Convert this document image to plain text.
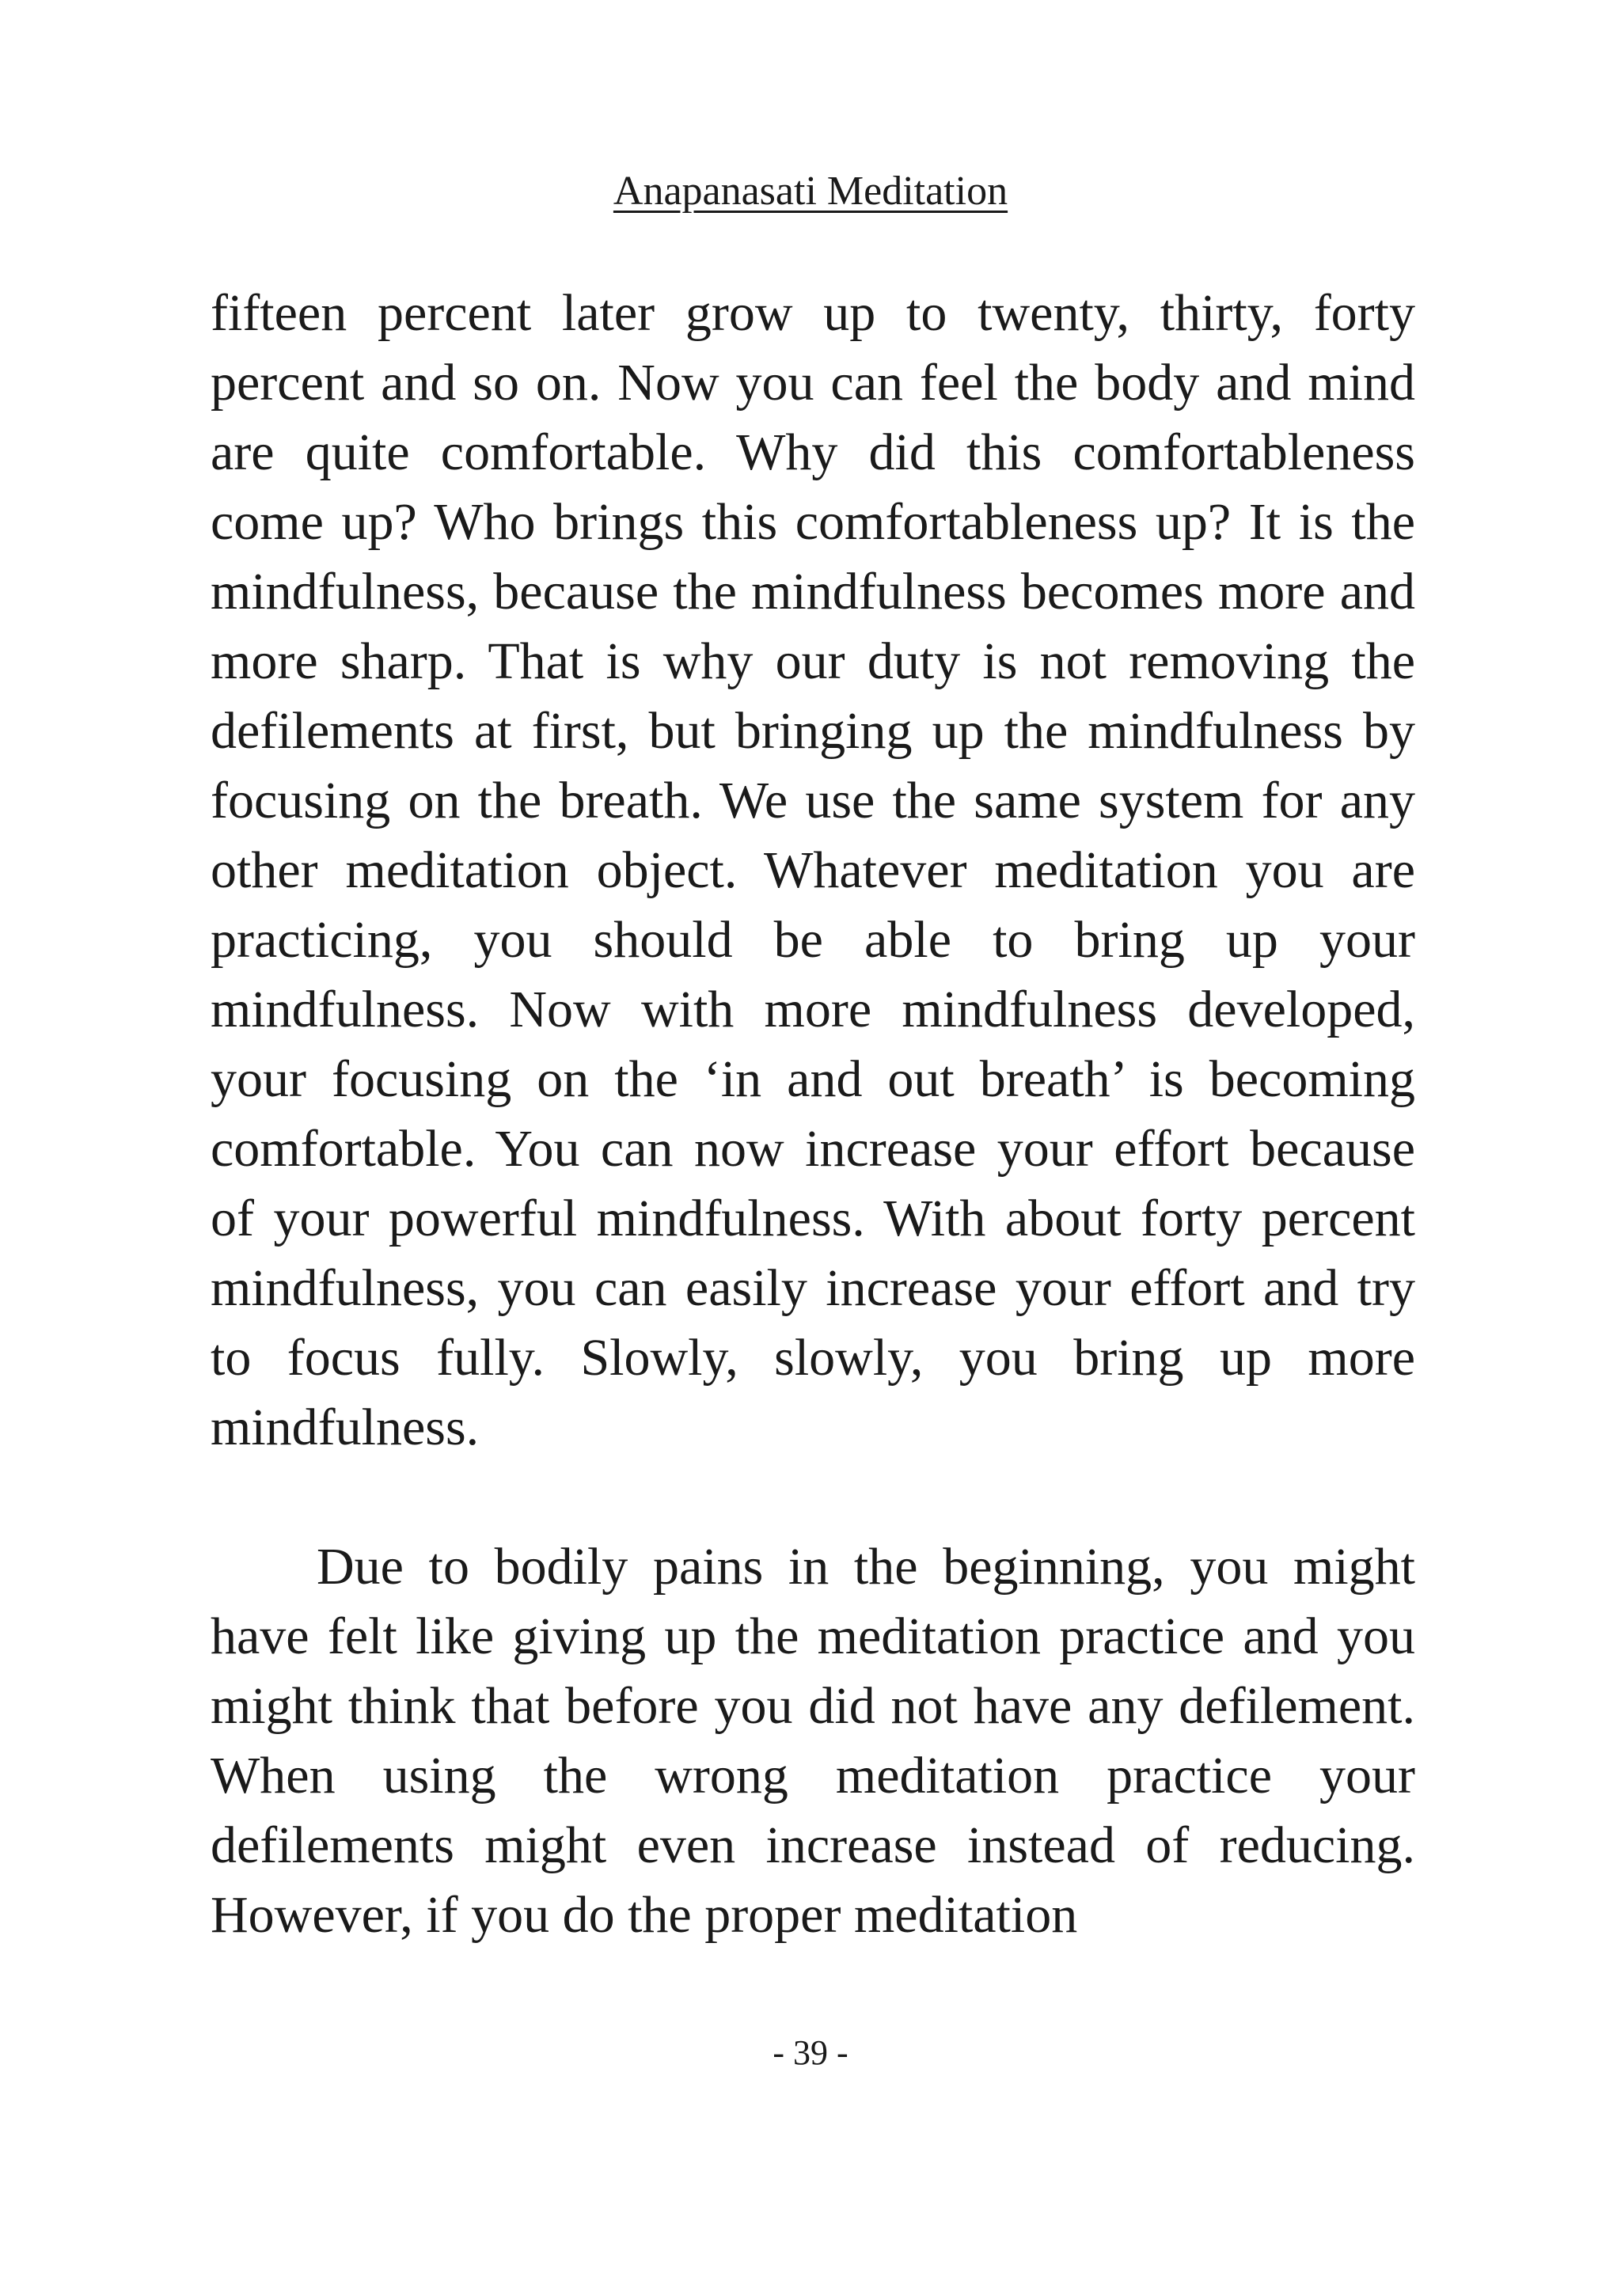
Anapanasati Meditation

fifteen percent later grow up to twenty, thirty, forty percent and so on. Now you can feel the body and mind are quite comfortable. Why did this comfortableness come up? Who brings this comfortableness up? It is the mindfulness, because the mindfulness becomes more and more sharp. That is why our duty is not removing the defilements at first, but bringing up the mindfulness by focusing on the breath. We use the same system for any other meditation object. Whatever meditation you are practicing, you should be able to bring up your mindfulness. Now with more mindfulness developed, your focusing on the ‘in and out breath’ is becoming comfortable. You can now increase your effort because of your powerful mindfulness. With about forty percent mindfulness, you can easily increase your effort and try to focus fully. Slowly, slowly, you bring up more mindfulness.

Due to bodily pains in the beginning, you might have felt like giving up the meditation practice and you might think that before you did not have any defilement. When using the wrong meditation practice your defilements might even increase instead of reducing. However, if you do the proper meditation

- 39 -
